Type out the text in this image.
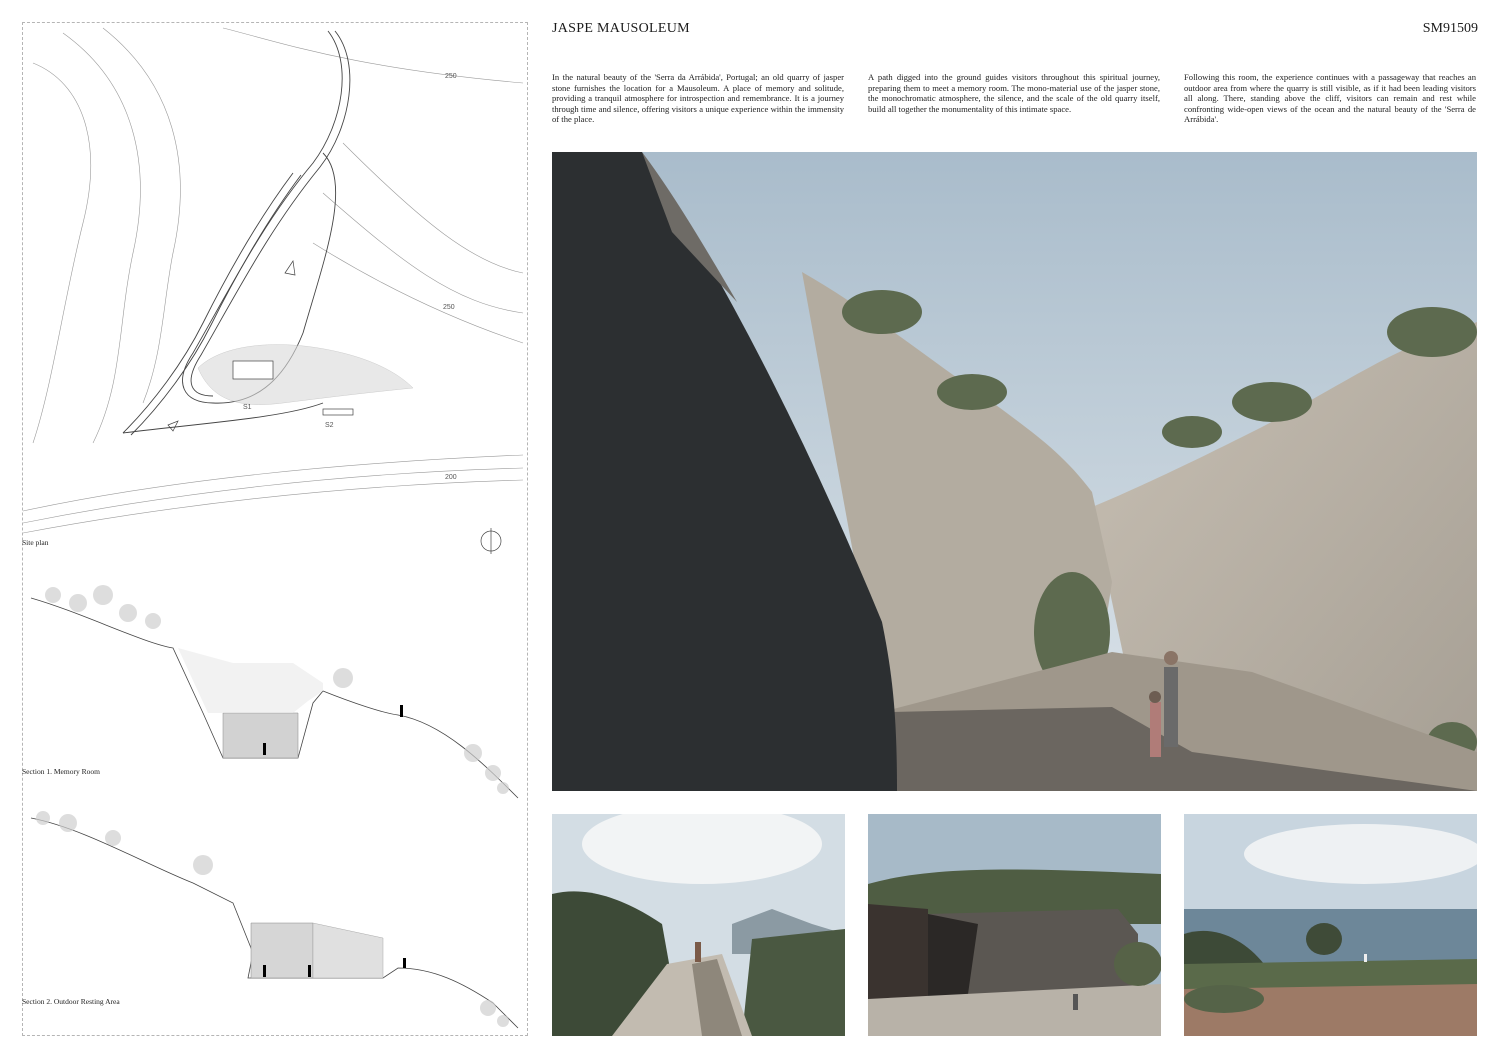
JASPE MAUSOLEUM	SM91509
In the natural beauty of the 'Serra da Arrábida', Portugal; an old quarry of jasper stone furnishes the location for a Mausoleum. A place of memory and solitude, providing a tranquil atmosphere for introspection and remembrance. It is a journey through time and silence, offering visitors a unique experience within the immensity of the place.
A path digged into the ground guides visitors throughout this spiritual journey, preparing them to meet a memory room. The mono-material use of the jasper stone, the monochromatic atmosphere, the silence, and the scale of the old quarry itself, build all together the monumentality of this intimate space.
Following this room, the experience continues with a passageway that reaches an outdoor area from where the quarry is still visible, as if it had been leading visitors all along. There, standing above the cliff, visitors can remain and rest while confronting wide-open views of the ocean and the natural beauty of the 'Serra de Arrábida'.
250
250
200
S1
S2
Site plan
Section 1. Memory Room
Section 2. Outdoor Resting Area
